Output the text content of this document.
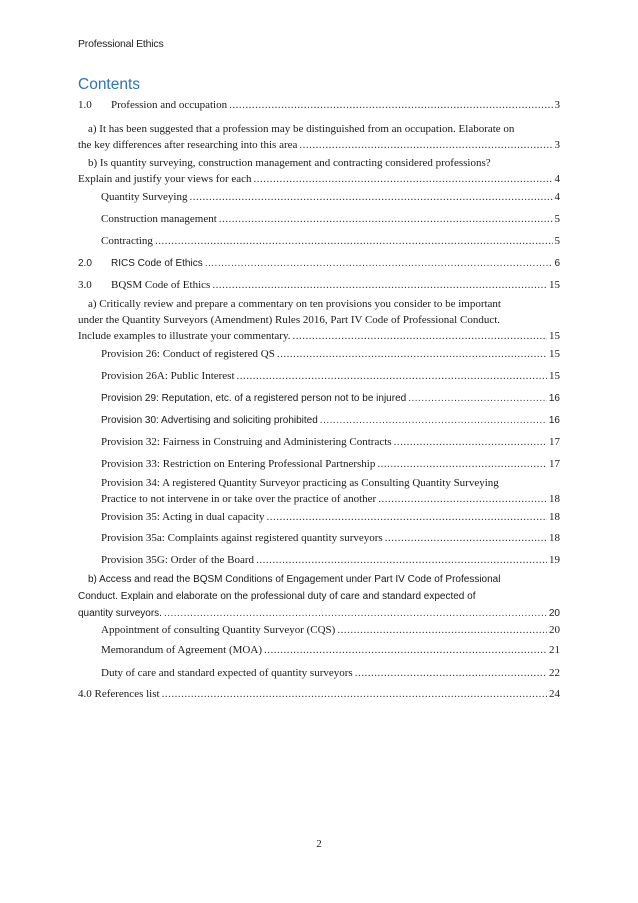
Professional Ethics
Contents
1.0	Profession and occupation .....	3
a) It has been suggested that a profession may be distinguished from an occupation. Elaborate on
the key differences after researching into this area .....	3
b) Is quantity surveying, construction management and contracting considered professions?
Explain and justify your views for each .....	4
Quantity Surveying .....	4
Construction management .....	5
Contracting .....	5
2.0	RICS Code of Ethics .....	6
3.0	BQSM Code of Ethics .....	15
a) Critically review and prepare a commentary on ten provisions you consider to be important
under the Quantity Surveyors (Amendment) Rules 2016, Part IV Code of Professional Conduct.
Include examples to illustrate your commentary. .....	15
Provision 26: Conduct of registered QS .....	15
Provision 26A: Public Interest .....	15
Provision 29: Reputation, etc. of a registered person not to be injured .....	16
Provision 30: Advertising and soliciting prohibited .....	16
Provision 32: Fairness in Construing and Administering Contracts .....	17
Provision 33: Restriction on Entering Professional Partnership .....	17
Provision 34: A registered Quantity Surveyor practicing as Consulting Quantity Surveying
Practice to not intervene in or take over the practice of another .....	18
Provision 35: Acting in dual capacity .....	18
Provision 35a: Complaints against registered quantity surveyors .....	18
Provision 35G: Order of the Board .....	19
b) Access and read the BQSM Conditions of Engagement under Part IV Code of Professional
Conduct. Explain and elaborate on the professional duty of care and standard expected of
quantity surveyors. .....	20
Appointment of consulting Quantity Surveyor (CQS) .....	20
Memorandum of Agreement (MOA) .....	21
Duty of care and standard expected of quantity surveyors .....	22
4.0 References list .....	24
2
